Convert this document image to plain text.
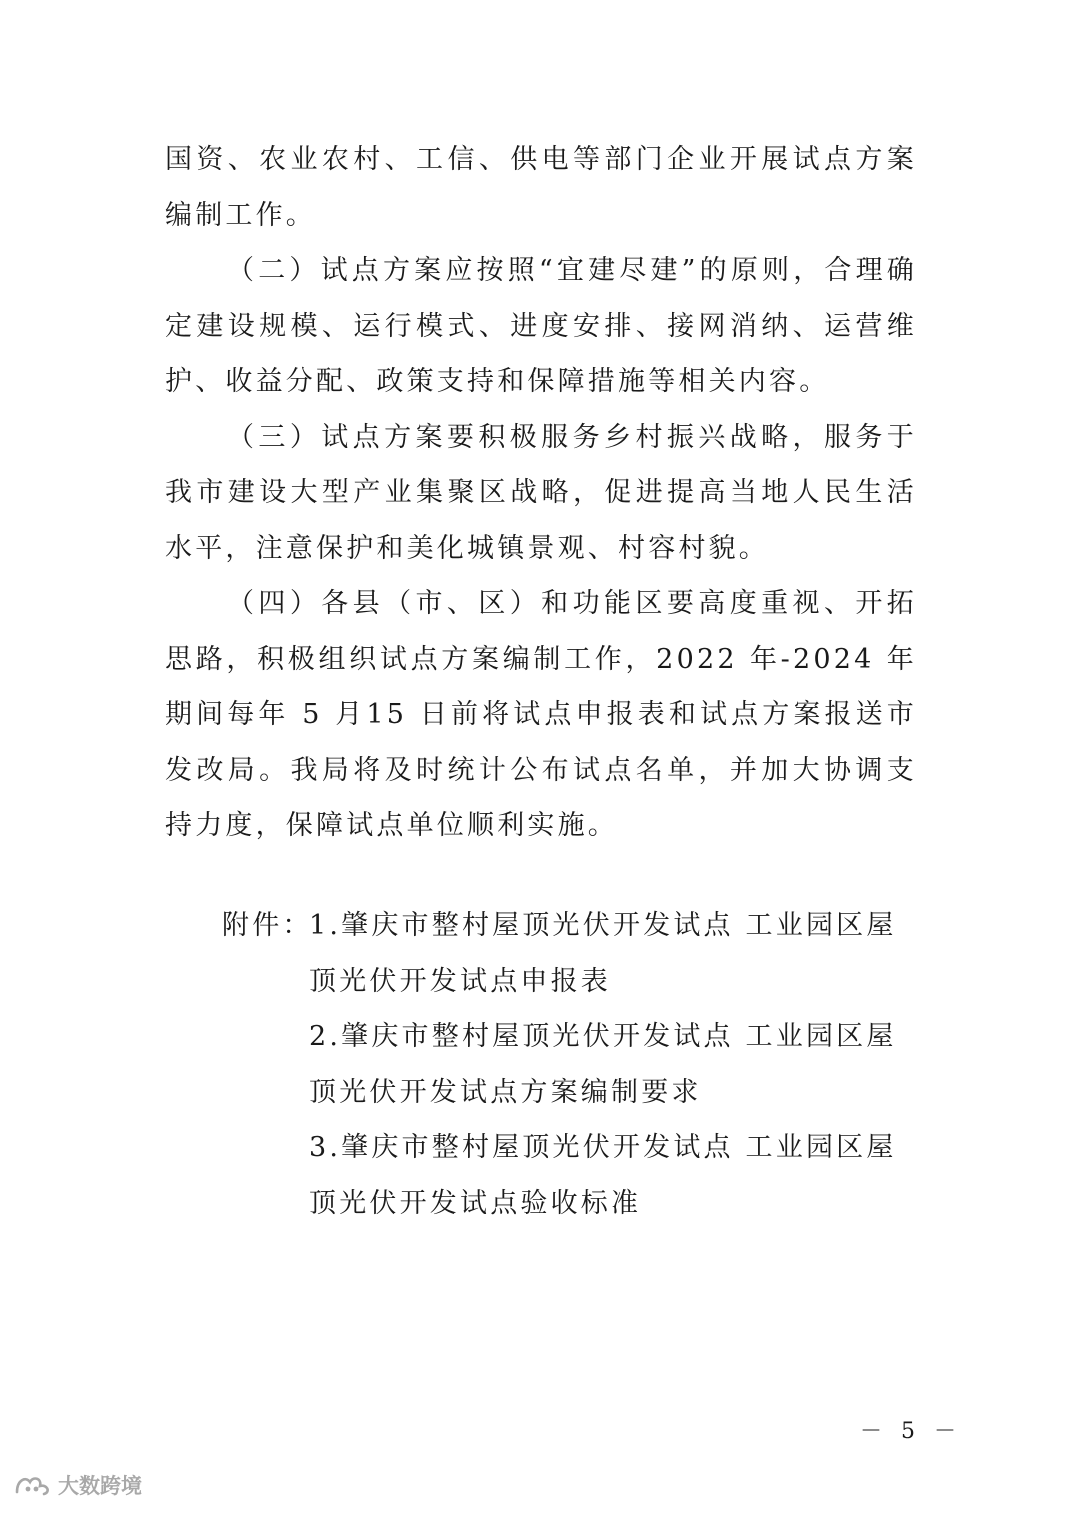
国资、农业农村、工信、供电等部门企业开展试点方案编制工作。

（二）试点方案应按照“宜建尽建”的原则，合理确定建设规模、运行模式、进度安排、接网消纳、运营维护、收益分配、政策支持和保障措施等相关内容。

（三）试点方案要积极服务乡村振兴战略，服务于我市建设大型产业集聚区战略，促进提高当地人民生活水平，注意保护和美化城镇景观、村容村貌。

（四）各县（市、区）和功能区要高度重视、开拓思路，积极组织试点方案编制工作，2022 年-2024 年期间每年 5 月15 日前将试点申报表和试点方案报送市发改局。我局将及时统计公布试点名单，并加大协调支持力度，保障试点单位顺利实施。

附件：
1.肇庆市整村屋顶光伏开发试点 工业园区屋顶光伏开发试点申报表
2.肇庆市整村屋顶光伏开发试点 工业园区屋顶光伏开发试点方案编制要求
3.肇庆市整村屋顶光伏开发试点 工业园区屋顶光伏开发试点验收标准
－ 5 －
大数跨境
